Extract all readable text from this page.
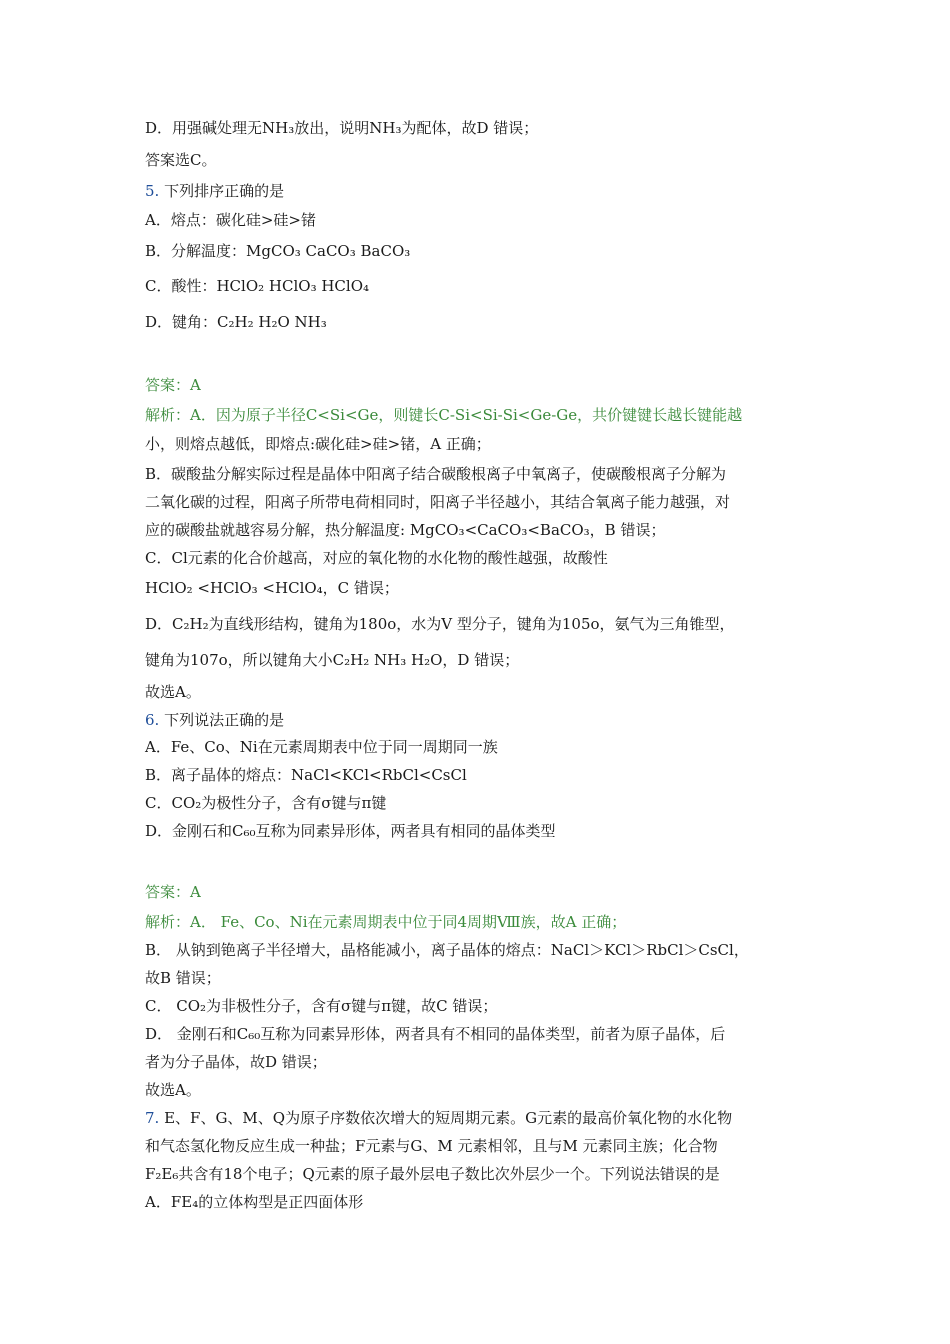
D．用强碱处理无NH₃放出，说明NH₃为配体，故D 错误；
答案选C。
5. 下列排序正确的是
A．熔点：碳化硅>硅>锗
B．分解温度：MgCO₃ CaCO₃ BaCO₃
C．酸性：HClO₂ HClO₃ HClO₄
D．键角：C₂H₂ H₂O NH₃
答案：A
解析：A．因为原子半径C<Si<Ge，则键长C-Si<Si-Si<Ge-Ge，共价键键长越长键能越
小，则熔点越低，即熔点:碳化硅>硅>锗，A 正确；
B．碳酸盐分解实际过程是晶体中阳离子结合碳酸根离子中氧离子，使碳酸根离子分解为
二氧化碳的过程，阳离子所带电荷相同时，阳离子半径越小，其结合氧离子能力越强，对
应的碳酸盐就越容易分解，热分解温度: MgCO₃<CaCO₃<BaCO₃，B 错误；
C．Cl元素的化合价越高，对应的氧化物的水化物的酸性越强，故酸性
HClO₂ <HClO₃ <HClO₄，C 错误；
D．C₂H₂为直线形结构，键角为180o，水为V 型分子，键角为105o，氨气为三角锥型，
键角为107o，所以键角大小C₂H₂ NH₃ H₂O，D 错误；
故选A。
6. 下列说法正确的是
A．Fe、Co、Ni在元素周期表中位于同一周期同一族
B．离子晶体的熔点：NaCl<KCl<RbCl<CsCl
C．CO₂为极性分子，含有σ键与π键
D．金刚石和C₆₀互称为同素异形体，两者具有相同的晶体类型
答案：A
解析：A． Fe、Co、Ni在元素周期表中位于同4周期Ⅷ族，故A 正确；
B． 从钠到铯离子半径增大，晶格能减小，离子晶体的熔点：NaCl＞KCl＞RbCl＞CsCl，
故B 错误；
C． CO₂为非极性分子，含有σ键与π键，故C 错误；
D． 金刚石和C₆₀互称为同素异形体，两者具有不相同的晶体类型，前者为原子晶体，后
者为分子晶体，故D 错误；
故选A。
7. E、F、G、M、Q为原子序数依次增大的短周期元素。G元素的最高价氧化物的水化物
和气态氢化物反应生成一种盐；F元素与G、M 元素相邻，且与M 元素同主族；化合物
F₂E₆共含有18个电子；Q元素的原子最外层电子数比次外层少一个。下列说法错误的是
A．FE₄的立体构型是正四面体形
